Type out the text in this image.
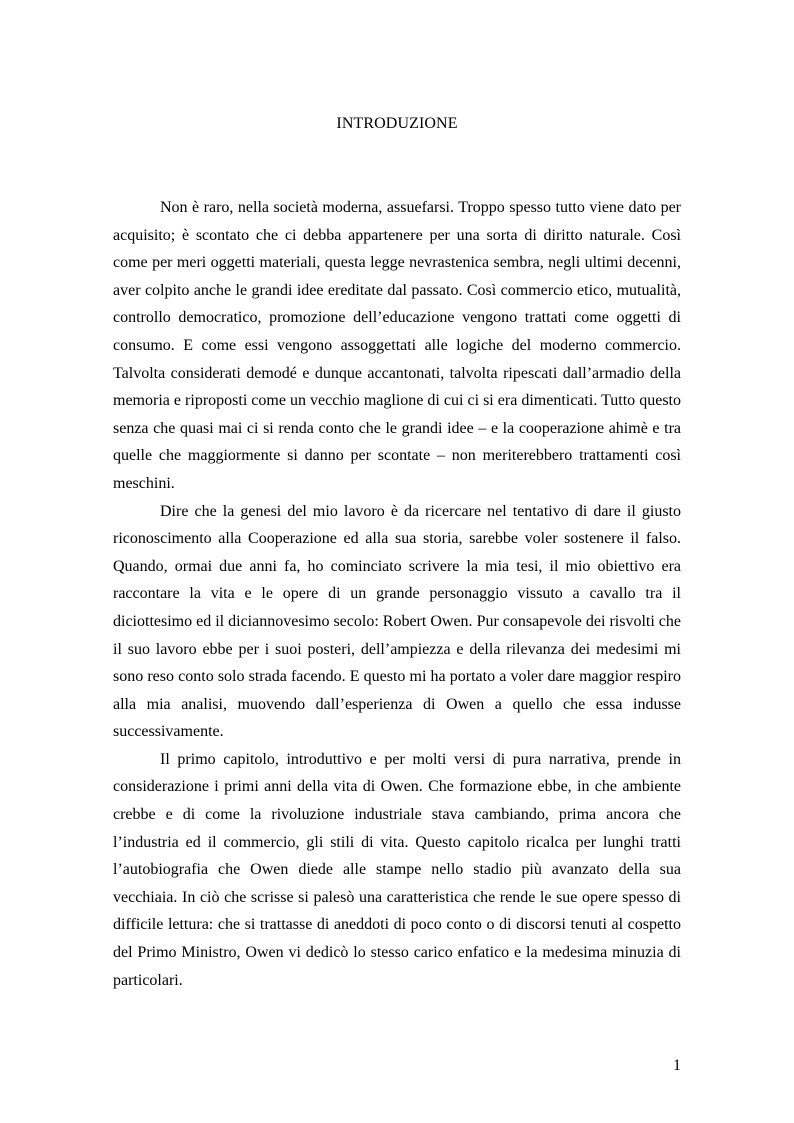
INTRODUZIONE

Non è raro, nella società moderna, assuefarsi. Troppo spesso tutto viene dato per acquisito; è scontato che ci debba appartenere per una sorta di diritto naturale. Così come per meri oggetti materiali, questa legge nevrastenica sembra, negli ultimi decenni, aver colpito anche le grandi idee ereditate dal passato. Così commercio etico, mutualità, controllo democratico, promozione dell’educazione vengono trattati come oggetti di consumo. E come essi vengono assoggettati alle logiche del moderno commercio. Talvolta considerati demodé e dunque accantonati, talvolta ripescati dall’armadio della memoria e riproposti come un vecchio maglione di cui ci si era dimenticati. Tutto questo senza che quasi mai ci si renda conto che le grandi idee – e la cooperazione ahimè e tra quelle che maggiormente si danno per scontate – non meriterebbero trattamenti così meschini.

Dire che la genesi del mio lavoro è da ricercare nel tentativo di dare il giusto riconoscimento alla Cooperazione ed alla sua storia, sarebbe voler sostenere il falso. Quando, ormai due anni fa, ho cominciato scrivere la mia tesi, il mio obiettivo era raccontare la vita e le opere di un grande personaggio vissuto a cavallo tra il diciottesimo ed il diciannovesimo secolo: Robert Owen. Pur consapevole dei risvolti che il suo lavoro ebbe per i suoi posteri, dell’ampiezza e della rilevanza dei medesimi mi sono reso conto solo strada facendo. E questo mi ha portato a voler dare maggior respiro alla mia analisi, muovendo dall’esperienza di Owen a quello che essa indusse successivamente.

Il primo capitolo, introduttivo e per molti versi di pura narrativa, prende in considerazione i primi anni della vita di Owen. Che formazione ebbe, in che ambiente crebbe e di come la rivoluzione industriale stava cambiando, prima ancora che l’industria ed il commercio, gli stili di vita. Questo capitolo ricalca per lunghi tratti l’autobiografia che Owen diede alle stampe nello stadio più avanzato della sua vecchiaia. In ciò che scrisse si palesò una caratteristica che rende le sue opere spesso di difficile lettura: che si trattasse di aneddoti di poco conto o di discorsi tenuti al cospetto del Primo Ministro, Owen vi dedicò lo stesso carico enfatico e la medesima minuzia di particolari.

1
